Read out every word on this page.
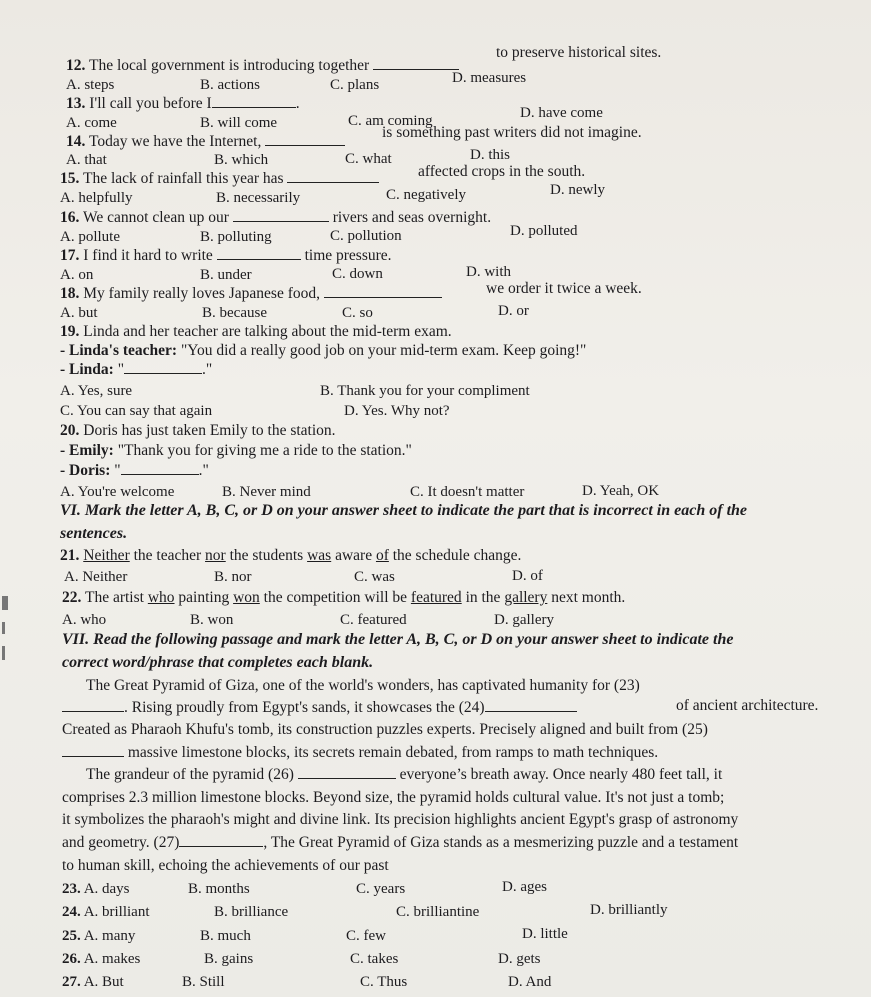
12. The local government is introducing together
to preserve historical sites.
A. steps	B. actions	C. plans	D. measures
13. I'll call you before I	.
A. come	B. will come	C. am coming	D. have come
14. Today we have the Internet,
is something past writers did not imagine.
A. that	B. which	C. what	D. this
15. The lack of rainfall this year has	affected crops in the south.
A. helpfully	B. necessarily	C. negatively	D. newly
16. We cannot clean up our	rivers and seas overnight.
A. pollute	B. polluting	C. pollution	D. polluted
17. I find it hard to write	time pressure.
A. on	B. under	C. down	D. with
18. My family really loves Japanese food,	we order it twice a week.
A. but	B. because	C. so	D. or
19. Linda and her teacher are talking about the mid-term exam.
- Linda's teacher: "You did a really good job on your mid-term exam. Keep going!"
- Linda: "	."
A. Yes, sure	B. Thank you for your compliment
C. You can say that again	D. Yes. Why not?
20. Doris has just taken Emily to the station.
- Emily: "Thank you for giving me a ride to the station."
- Doris: "	."
A. You're welcome	B. Never mind	C. It doesn't matter	D. Yeah, OK
VI. Mark the letter A, B, C, or D on your answer sheet to indicate the part that is incorrect in each of the
sentences.
21. Neither the teacher nor the students was aware of the schedule change.
A. Neither	B. nor	C. was	D. of
22. The artist who painting won the competition will be featured in the gallery next month.
A. who	B. won	C. featured	D. gallery
VII. Read the following passage and mark the letter A, B, C, or D on your answer sheet to indicate the
correct word/phrase that completes each blank.
The Great Pyramid of Giza, one of the world's wonders, has captivated humanity for (23)
. Rising proudly from Egypt's sands, it showcases the (24)	of ancient architecture.
Created as Pharaoh Khufu's tomb, its construction puzzles experts. Precisely aligned and built from (25)
massive limestone blocks, its secrets remain debated, from ramps to math techniques.
The grandeur of the pyramid (26)	everyone’s breath away. Once nearly 480 feet tall, it
comprises 2.3 million limestone blocks. Beyond size, the pyramid holds cultural value. It's not just a tomb;
it symbolizes the pharaoh's might and divine link. Its precision highlights ancient Egypt's grasp of astronomy
and geometry. (27)	, The Great Pyramid of Giza stands as a mesmerizing puzzle and a testament
to human skill, echoing the achievements of our past
23. A. days	B. months	C. years	D. ages
24. A. brilliant	B. brilliance	C. brilliantine	D. brilliantly
25. A. many	B. much	C. few	D. little
26. A. makes	B. gains	C. takes	D. gets
27. A. But	B. Still	C. Thus	D. And
